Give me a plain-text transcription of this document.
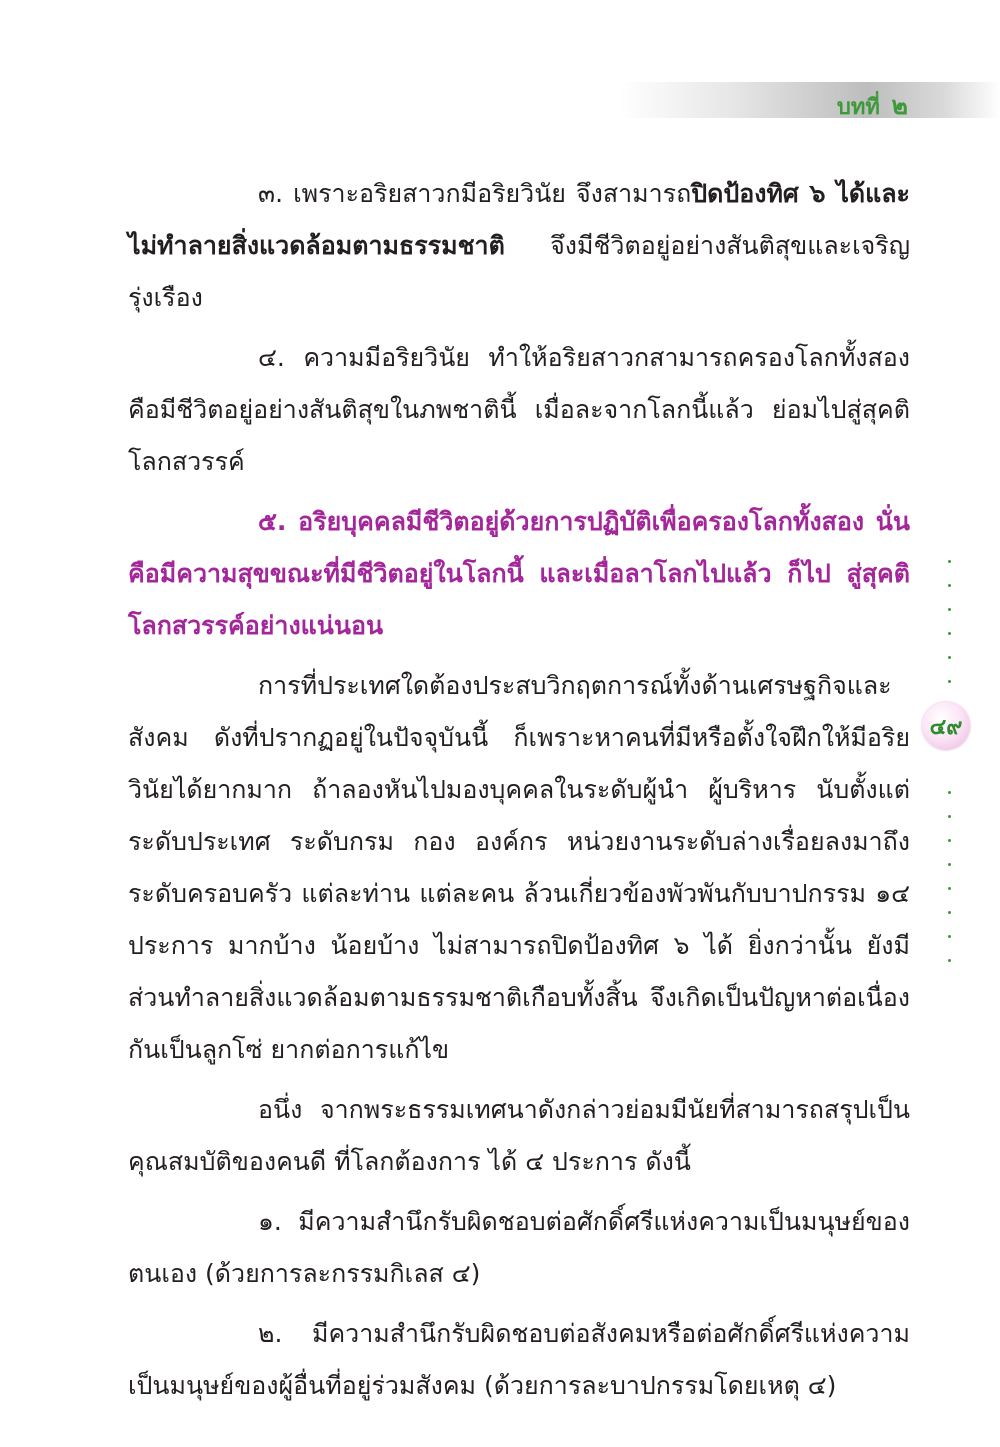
บทที่ ๒

๓. เพราะอริยสาวกมีอริยวินัย จึงสามารถปิดป้องทิศ ๖ ได้และไม่ทำลายสิ่งแวดล้อมตามธรรมชาติ จึงมีชีวิตอยู่อย่างสันติสุขและเจริญรุ่งเรือง

๔. ความมีอริยวินัย ทำให้อริยสาวกสามารถครองโลกทั้งสอง คือมีชีวิตอยู่อย่างสันติสุขในภพชาตินี้ เมื่อละจากโลกนี้แล้ว ย่อมไปสู่สุคติโลกสวรรค์

๕. อริยบุคคลมีชีวิตอยู่ด้วยการปฏิบัติเพื่อครองโลกทั้งสอง นั่นคือมีความสุขขณะที่มีชีวิตอยู่ในโลกนี้ และเมื่อลาโลกไปแล้ว ก็ไป สู่สุคติโลกสวรรค์อย่างแน่นอน

การที่ประเทศใดต้องประสบวิกฤตการณ์ทั้งด้านเศรษฐกิจและสังคม ดังที่ปรากฏอยู่ในปัจจุบันนี้ ก็เพราะหาคนที่มีหรือตั้งใจฝึกให้มีอริยวินัยได้ยากมาก ถ้าลองหันไปมองบุคคลในระดับผู้นำ ผู้บริหาร นับตั้งแต่ระดับประเทศ ระดับกรม กอง องค์กร หน่วยงานระดับล่างเรื่อยลงมาถึงระดับครอบครัว แต่ละท่าน แต่ละคน ล้วนเกี่ยวข้องพัวพันกับบาปกรรม ๑๔ ประการ มากบ้าง น้อยบ้าง ไม่สามารถปิดป้องทิศ ๖ ได้ ยิ่งกว่านั้น ยังมี ส่วนทำลายสิ่งแวดล้อมตามธรรมชาติเกือบทั้งสิ้น จึงเกิดเป็นปัญหาต่อเนื่องกันเป็นลูกโซ่ ยากต่อการแก้ไข

อนึ่ง จากพระธรรมเทศนาดังกล่าวย่อมมีนัยที่สามารถสรุปเป็นคุณสมบัติของคนดี ที่โลกต้องการ ได้ ๔ ประการ ดังนี้

๑. มีความสำนึกรับผิดชอบต่อศักดิ์ศรีแห่งความเป็นมนุษย์ของตนเอง (ด้วยการละกรรมกิเลส ๔)

๒. มีความสำนึกรับผิดชอบต่อสังคมหรือต่อศักดิ์ศรีแห่งความเป็นมนุษย์ของผู้อื่นที่อยู่ร่วมสังคม (ด้วยการละบาปกรรมโดยเหตุ ๔)

๔๙
